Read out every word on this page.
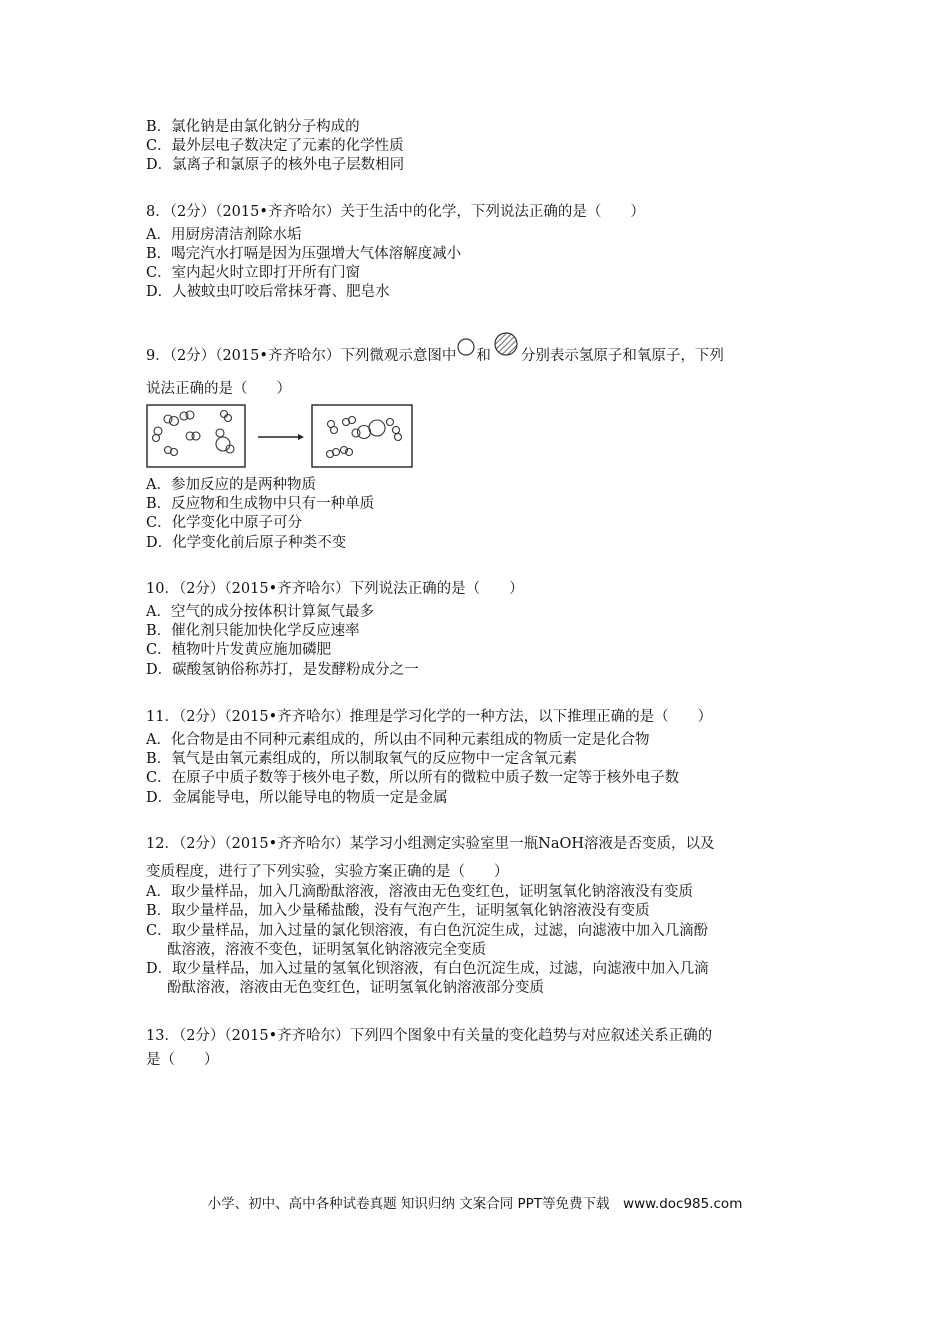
B．氯化钠是由氯化钠分子构成的
C．最外层电子数决定了元素的化学性质
D．氯离子和氯原子的核外电子层数相同
8．（2分）（2015•齐齐哈尔）关于生活中的化学，下列说法正确的是（　　）
A．用厨房清洁剂除水垢
B．喝完汽水打嗝是因为压强增大气体溶解度减小
C．室内起火时立即打开所有门窗
D．人被蚊虫叮咬后常抹牙膏、肥皂水
9．（2分）（2015•齐齐哈尔）下列微观示意图中 和 分别表示氢原子和氧原子，下列
说法正确的是（　　）
A．参加反应的是两种物质
B．反应物和生成物中只有一种单质
C．化学变化中原子可分
D．化学变化前后原子种类不变
10．（2分）（2015•齐齐哈尔）下列说法正确的是（　　）
A．空气的成分按体积计算氮气最多
B．催化剂只能加快化学反应速率
C．植物叶片发黄应施加磷肥
D．碳酸氢钠俗称苏打，是发酵粉成分之一
11．（2分）（2015•齐齐哈尔）推理是学习化学的一种方法，以下推理正确的是（　　）
A．化合物是由不同种元素组成的，所以由不同种元素组成的物质一定是化合物
B．氧气是由氧元素组成的，所以制取氧气的反应物中一定含氧元素
C．在原子中质子数等于核外电子数，所以所有的微粒中质子数一定等于核外电子数
D．金属能导电，所以能导电的物质一定是金属
12．（2分）（2015•齐齐哈尔）某学习小组测定实验室里一瓶NaOH溶液是否变质，以及
变质程度，进行了下列实验，实验方案正确的是（　　）
A．取少量样品，加入几滴酚酞溶液，溶液由无色变红色，证明氢氧化钠溶液没有变质
B．取少量样品，加入少量稀盐酸，没有气泡产生，证明氢氧化钠溶液没有变质
C．取少量样品，加入过量的氯化钡溶液，有白色沉淀生成，过滤，向滤液中加入几滴酚
酞溶液，溶液不变色，证明氢氧化钠溶液完全变质
D．取少量样品，加入过量的氢氧化钡溶液，有白色沉淀生成，过滤，向滤液中加入几滴
酚酞溶液，溶液由无色变红色，证明氢氧化钠溶液部分变质
13．（2分）（2015•齐齐哈尔）下列四个图象中有关量的变化趋势与对应叙述关系正确的
是（　　）
小学、初中、高中各种试卷真题 知识归纳 文案合同 PPT等免费下载　www.doc985.com
